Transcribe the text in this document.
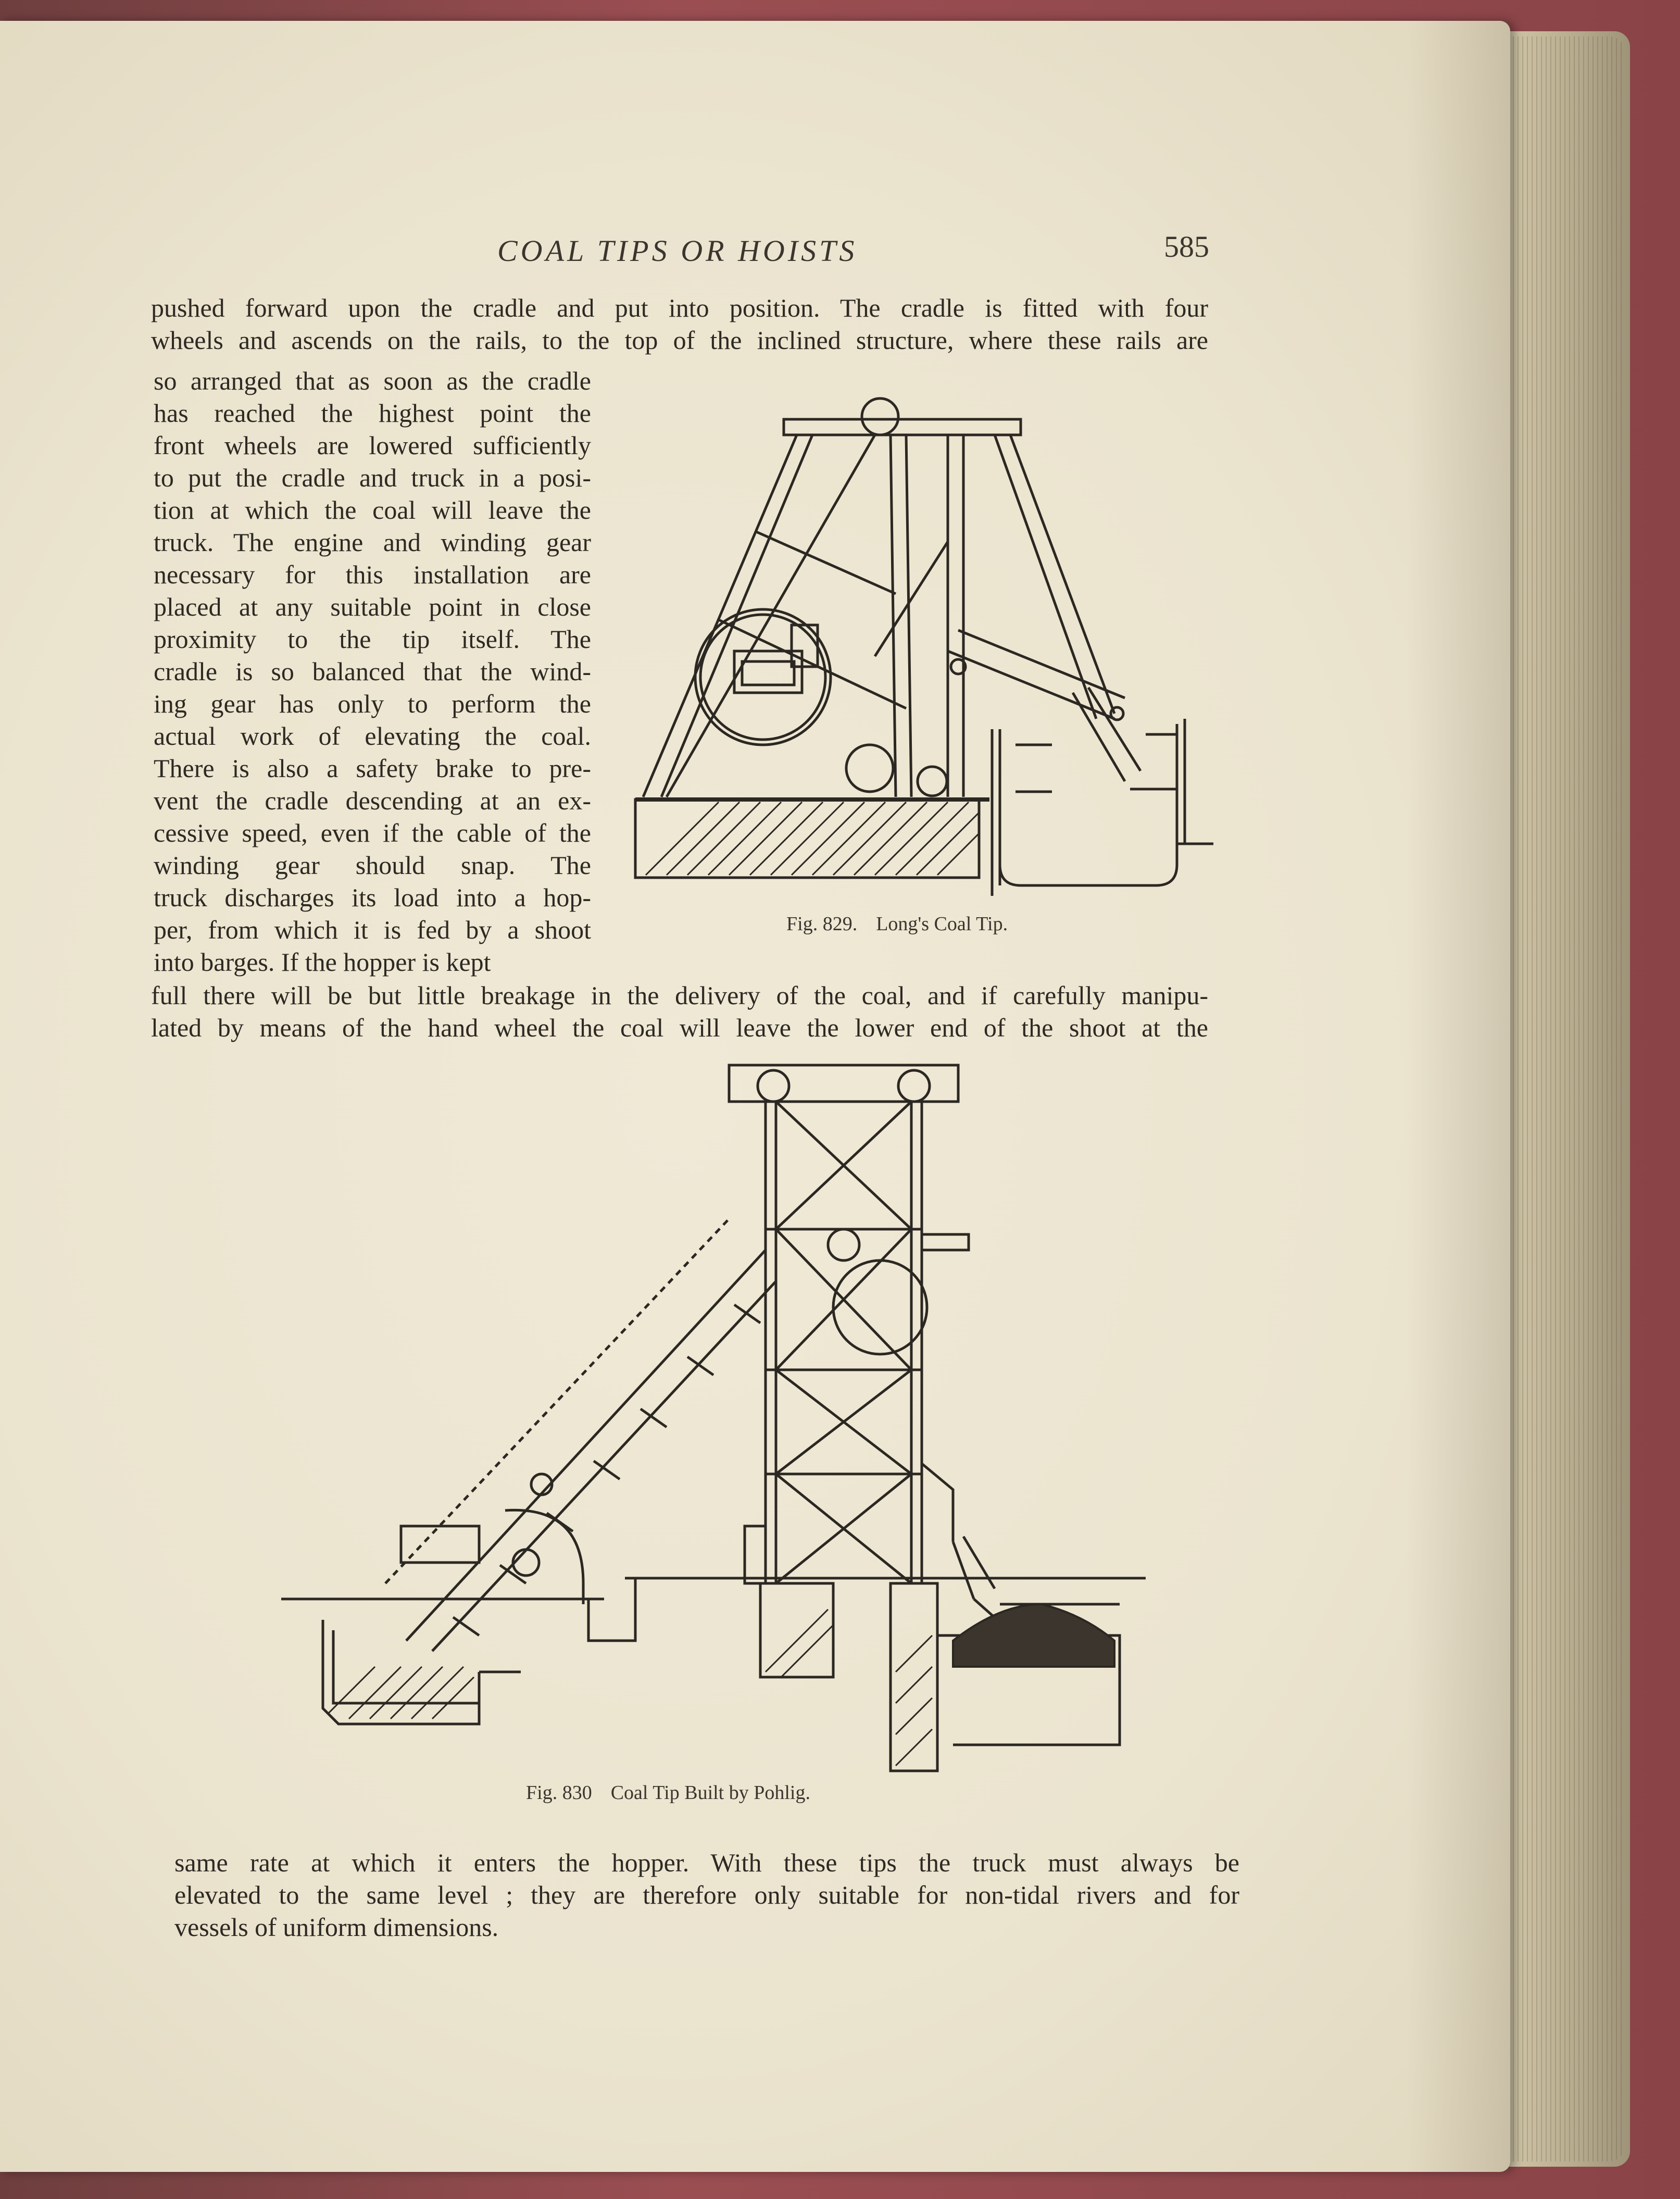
COAL TIPS OR HOISTS	585
pushed forward upon the cradle and put into position. The cradle is fitted with four
wheels and ascends on the rails, to the top of the inclined structure, where these rails are
so arranged that as soon as the cradle
has reached the highest point the
front wheels are lowered sufficiently
to put the cradle and truck in a posi-
tion at which the coal will leave the
truck. The engine and winding gear
necessary for this installation are
placed at any suitable point in close
proximity to the tip itself. The
cradle is so balanced that the wind-
ing gear has only to perform the
actual work of elevating the coal.
There is also a safety brake to pre-
vent the cradle descending at an ex-
cessive speed, even if the cable of the
winding gear should snap. The
truck discharges its load into a hop-
per, from which it is fed by a shoot
into barges. If the hopper is kept
Fig. 829. Long's Coal Tip.
full there will be but little breakage in the delivery of the coal, and if carefully manipu-
lated by means of the hand wheel the coal will leave the lower end of the shoot at the
Fig. 830 Coal Tip Built by Pohlig.
same rate at which it enters the hopper. With these tips the truck must always be
elevated to the same level ; they are therefore only suitable for non-tidal rivers and for
vessels of uniform dimensions.
